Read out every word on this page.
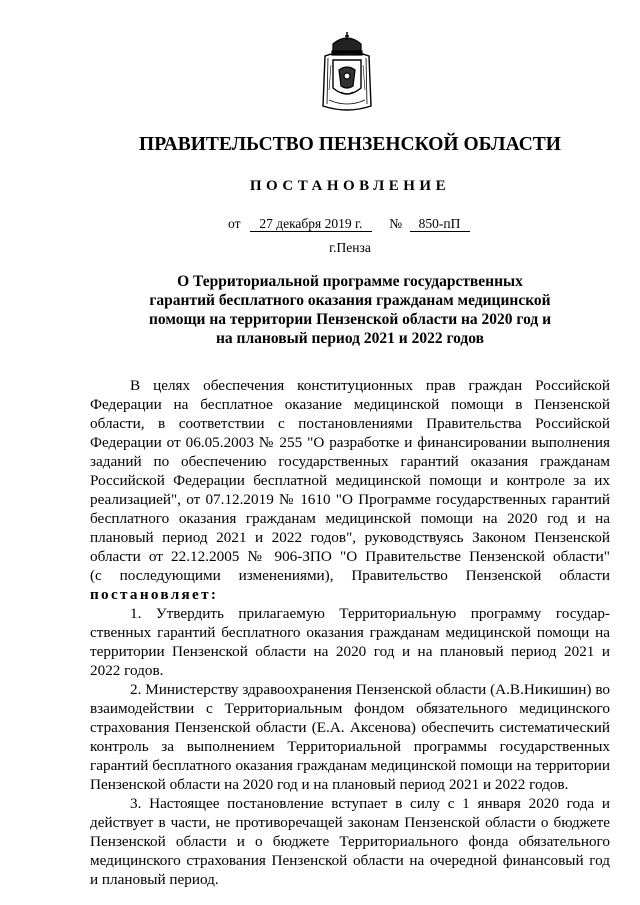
ПРАВИТЕЛЬСТВО ПЕНЗЕНСКОЙ ОБЛАСТИ
ПОСТАНОВЛЕНИЕ
от 27 декабря 2019 г. № 850-пП
г.Пенза
О Территориальной программе государственных
гарантий бесплатного оказания гражданам медицинской
помощи на территории Пензенской области на 2020 год и
на плановый период 2021 и 2022 годов
В целях обеспечения конституционных прав граждан Российской
Федерации на бесплатное оказание медицинской помощи в Пензенской
области, в соответствии с постановлениями Правительства Российской
Федерации от 06.05.2003 № 255 "О разработке и финансировании выполнения
заданий по обеспечению государственных гарантий оказания гражданам
Российской Федерации бесплатной медицинской помощи и контроле за их
реализацией", от 07.12.2019 № 1610 "О Программе государственных гарантий
бесплатного оказания гражданам медицинской помощи на 2020 год и на
плановый период 2021 и 2022 годов", руководствуясь Законом Пензенской
области от 22.12.2005 № 906-ЗПО "О Правительстве Пензенской области"
(с последующими изменениями), Правительство Пензенской области
постановляет:
1. Утвердить прилагаемую Территориальную программу государ-
ственных гарантий бесплатного оказания гражданам медицинской помощи на
территории Пензенской области на 2020 год и на плановый период 2021 и
2022 годов.
2. Министерству здравоохранения Пензенской области (А.В.Никишин) во
взаимодействии с Территориальным фондом обязательного медицинского
страхования Пензенской области (Е.А. Аксенова) обеспечить систематический
контроль за выполнением Территориальной программы государственных
гарантий бесплатного оказания гражданам медицинской помощи на территории
Пензенской области на 2020 год и на плановый период 2021 и 2022 годов.
3. Настоящее постановление вступает в силу с 1 января 2020 года и
действует в части, не противоречащей законам Пензенской области о бюджете
Пензенской области и о бюджете Территориального фонда обязательного
медицинского страхования Пензенской области на очередной финансовый год
и плановый период.
